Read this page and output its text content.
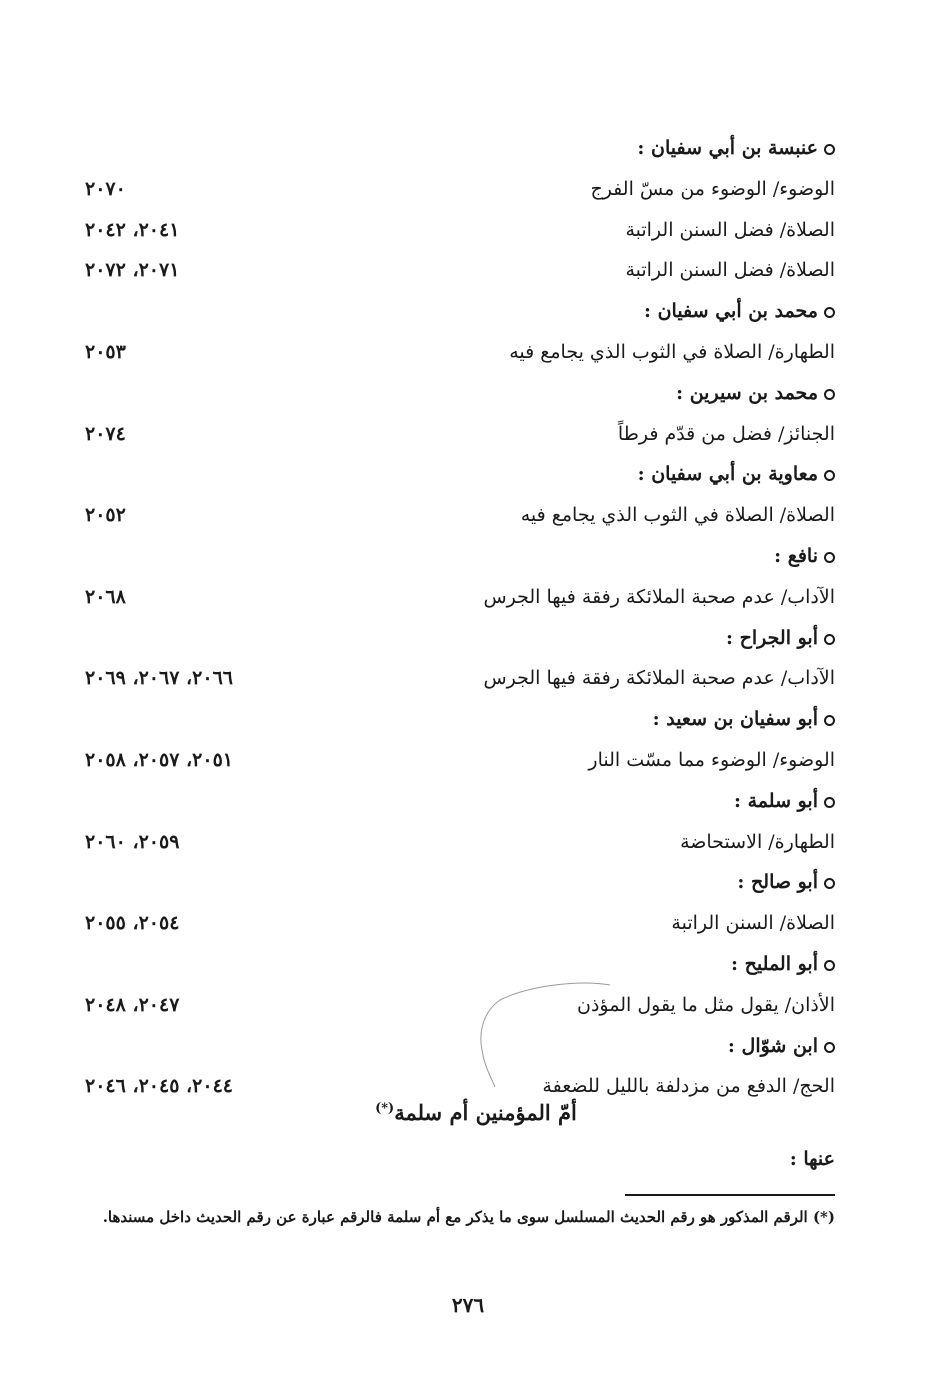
عنبسة بن أبي سفيان :
الوضوء/ الوضوء من مسّ الفرج
٢٠٧٠
الصلاة/ فضل السنن الراتبة
٢٠٤١، ٢٠٤٢
الصلاة/ فضل السنن الراتبة
٢٠٧١، ٢٠٧٢
محمد بن أبي سفيان :
الطهارة/ الصلاة في الثوب الذي يجامع فيه
٢٠٥٣
محمد بن سيرين :
الجنائز/ فضل من قدّم فرطاً
٢٠٧٤
معاوية بن أبي سفيان :
الصلاة/ الصلاة في الثوب الذي يجامع فيه
٢٠٥٢
نافع :
الآداب/ عدم صحبة الملائكة رفقة فيها الجرس
٢٠٦٨
أبو الجراح :
الآداب/ عدم صحبة الملائكة رفقة فيها الجرس
٢٠٦٦، ٢٠٦٧، ٢٠٦٩
أبو سفيان بن سعيد :
الوضوء/ الوضوء مما مسّت النار
٢٠٥١، ٢٠٥٧، ٢٠٥٨
أبو سلمة :
الطهارة/ الاستحاضة
٢٠٥٩، ٢٠٦٠
أبو صالح :
الصلاة/ السنن الراتبة
٢٠٥٤، ٢٠٥٥
أبو المليح :
الأذان/ يقول مثل ما يقول المؤذن
٢٠٤٧، ٢٠٤٨
ابن شوّال :
الحج/ الدفع من مزدلفة بالليل للضعفة
٢٠٤٤، ٢٠٤٥، ٢٠٤٦
أمّ المؤمنين أم سلمة(*)
عنها :
(*) الرقم المذكور هو رقم الحديث المسلسل سوى ما يذكر مع أم سلمة فالرقم عبارة عن رقم الحديث داخل مسندها.
٢٧٦
